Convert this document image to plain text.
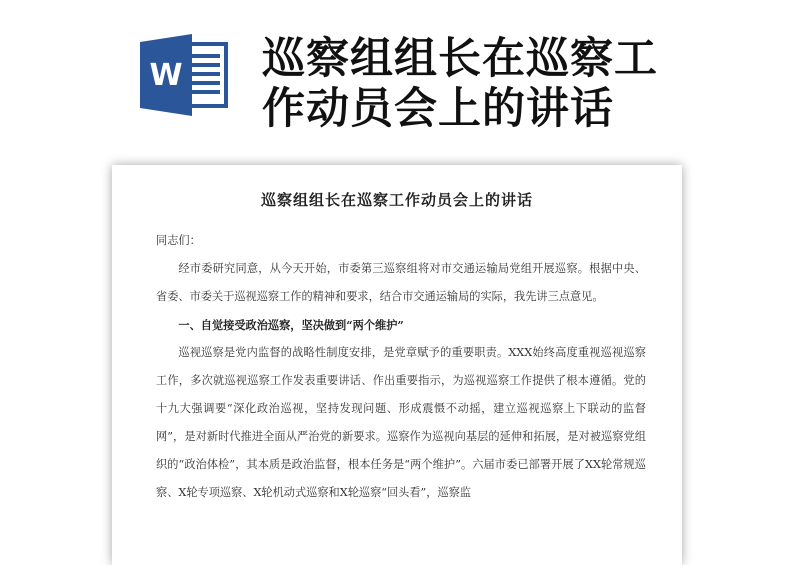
W 巡察组组长在巡察工
作动员会上的讲话
巡察组组长在巡察工作动员会上的讲话

同志们：

经市委研究同意，从今天开始，市委第三巡察组将对市交通运输局党组开展巡察。根据中央、省委、市委关于巡视巡察工作的精神和要求，结合市交通运输局的实际，我先讲三点意见。

一、自觉接受政治巡察，坚决做到“两个维护”

巡视巡察是党内监督的战略性制度安排，是党章赋予的重要职责。XXX始终高度重视巡视巡察工作，多次就巡视巡察工作发表重要讲话、作出重要指示，为巡视巡察工作提供了根本遵循。党的十九大强调要“深化政治巡视，坚持发现问题、形成震慑不动摇，建立巡视巡察上下联动的监督网”，是对新时代推进全面从严治党的新要求。巡察作为巡视向基层的延伸和拓展，是对被巡察党组织的“政治体检”，其本质是政治监督，根本任务是“两个维护”。六届市委已部署开展了XX轮常规巡察、X轮专项巡察、X轮机动式巡察和X轮巡察“回头看”，巡察监
